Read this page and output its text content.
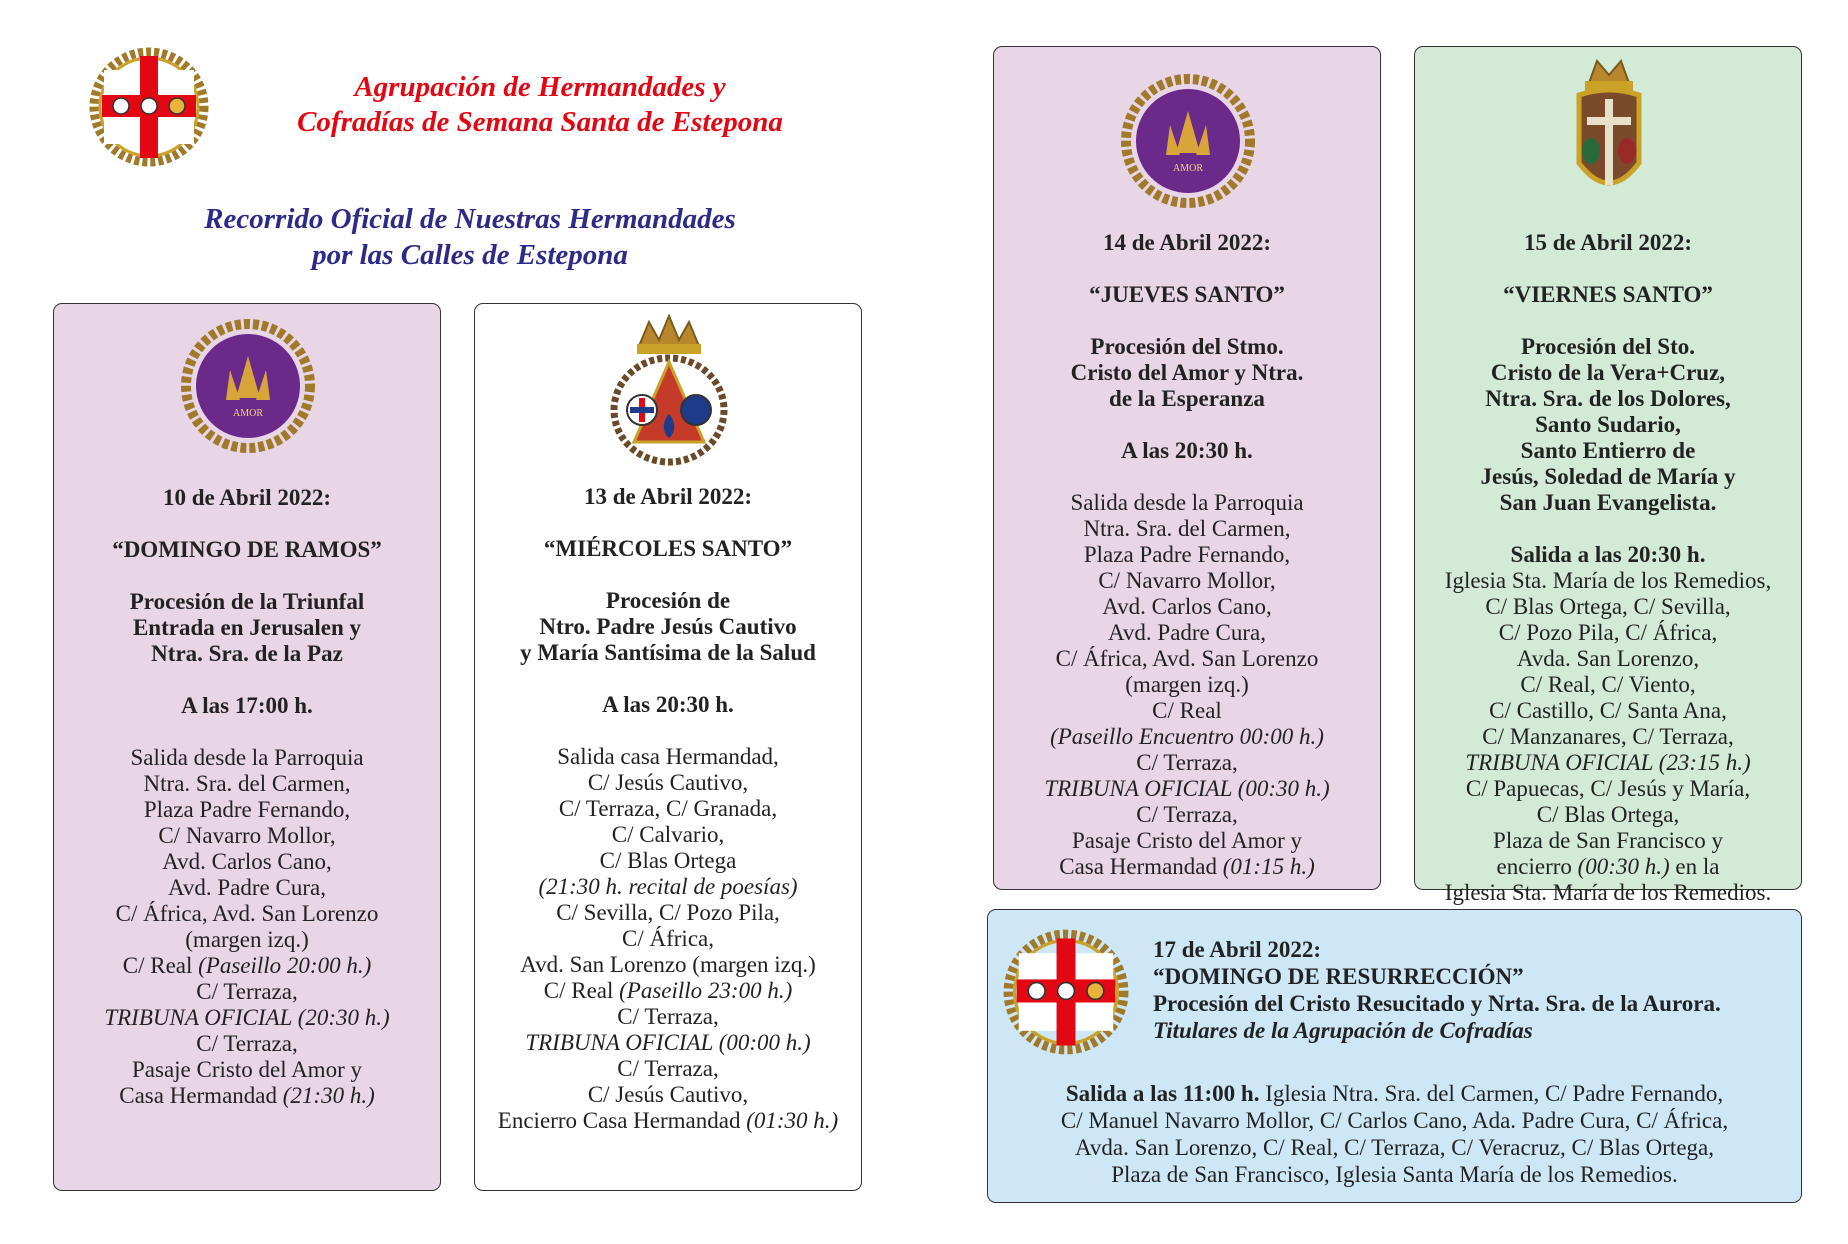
Agrupación de Hermandades y
Cofradías de Semana Santa de Estepona
Recorrido Oficial de Nuestras Hermandades
por las Calles de Estepona
AMOR
10 de Abril 2022:
“DOMINGO DE RAMOS”
Procesión de la Triunfal
Entrada en Jerusalen y
Ntra. Sra. de la Paz
A las 17:00 h.
Salida desde la Parroquia
Ntra. Sra. del Carmen,
Plaza Padre Fernando,
C/ Navarro Mollor,
Avd. Carlos Cano,
Avd. Padre Cura,
C/ África, Avd. San Lorenzo
(margen izq.)
C/ Real (Paseillo 20:00 h.)
C/ Terraza,
TRIBUNA OFICIAL (20:30 h.)
C/ Terraza,
Pasaje Cristo del Amor y
Casa Hermandad (21:30 h.)
13 de Abril 2022:
“MIÉRCOLES SANTO”
Procesión de
Ntro. Padre Jesús Cautivo
y María Santísima de la Salud
A las 20:30 h.
Salida casa Hermandad,
C/ Jesús Cautivo,
C/ Terraza, C/ Granada,
C/ Calvario,
C/ Blas Ortega
(21:30 h. recital de poesías)
C/ Sevilla, C/ Pozo Pila,
C/ África,
Avd. San Lorenzo (margen izq.)
C/ Real (Paseillo 23:00 h.)
C/ Terraza,
TRIBUNA OFICIAL (00:00 h.)
C/ Terraza,
C/ Jesús Cautivo,
Encierro Casa Hermandad (01:30 h.)
AMOR
14 de Abril 2022:
“JUEVES SANTO”
Procesión del Stmo.
Cristo del Amor y Ntra.
de la Esperanza
A las 20:30 h.
Salida desde la Parroquia
Ntra. Sra. del Carmen,
Plaza Padre Fernando,
C/ Navarro Mollor,
Avd. Carlos Cano,
Avd. Padre Cura,
C/ África, Avd. San Lorenzo
(margen izq.)
C/ Real
(Paseillo Encuentro 00:00 h.)
C/ Terraza,
TRIBUNA OFICIAL (00:30 h.)
C/ Terraza,
Pasaje Cristo del Amor y
Casa Hermandad (01:15 h.)
15 de Abril 2022:
“VIERNES SANTO”
Procesión del Sto.
Cristo de la Vera+Cruz,
Ntra. Sra. de los Dolores,
Santo Sudario,
Santo Entierro de
Jesús, Soledad de María y
San Juan Evangelista.
Salida a las 20:30 h.
Iglesia Sta. María de los Remedios,
C/ Blas Ortega, C/ Sevilla,
C/ Pozo Pila, C/ África,
Avda. San Lorenzo,
C/ Real, C/ Viento,
C/ Castillo, C/ Santa Ana,
C/ Manzanares, C/ Terraza,
TRIBUNA OFICIAL (23:15 h.)
C/ Papuecas, C/ Jesús y María,
C/ Blas Ortega,
Plaza de San Francisco y
encierro (00:30 h.) en la
Iglesia Sta. María de los Remedios.
17 de Abril 2022:
“DOMINGO DE RESURRECCIÓN”
Procesión del Cristo Resucitado y Nrta. Sra. de la Aurora.
Titulares de la Agrupación de Cofradías
Salida a las 11:00 h. Iglesia Ntra. Sra. del Carmen, C/ Padre Fernando,
C/ Manuel Navarro Mollor, C/ Carlos Cano, Ada. Padre Cura, C/ África,
Avda. San Lorenzo, C/ Real, C/ Terraza, C/ Veracruz, C/ Blas Ortega,
Plaza de San Francisco, Iglesia Santa María de los Remedios.
